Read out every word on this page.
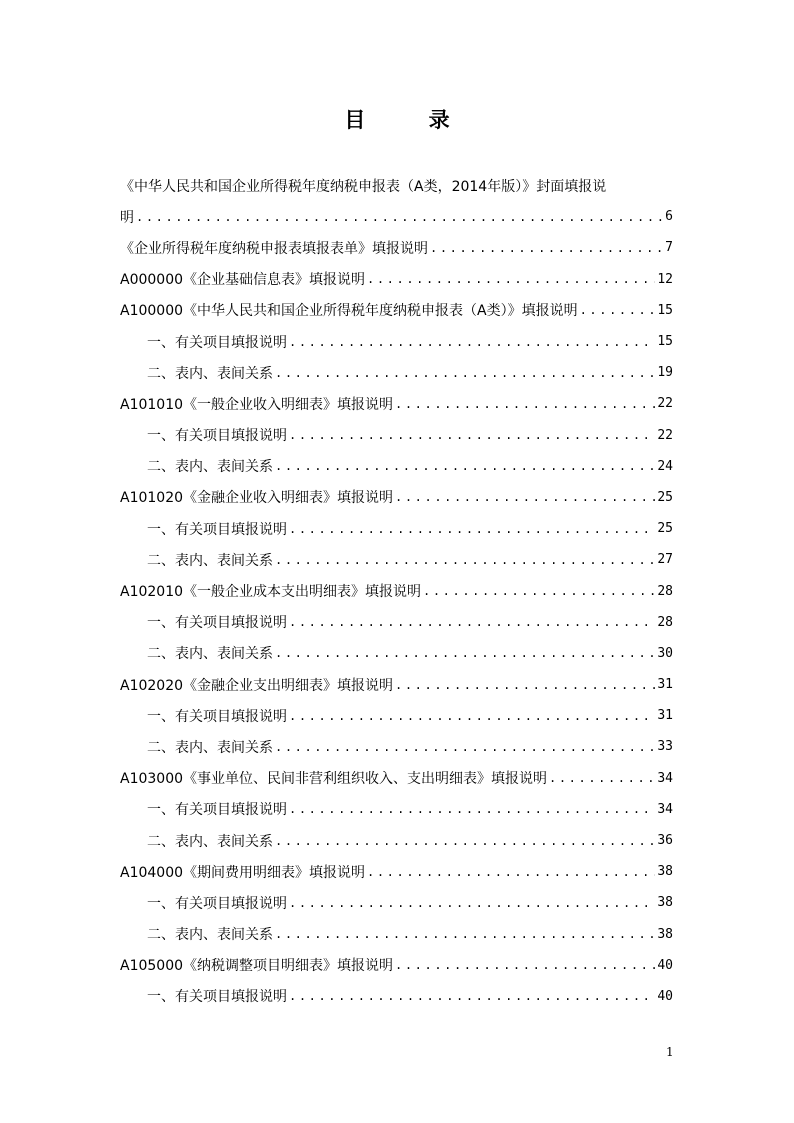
目 录
《中华人民共和国企业所得税年度纳税申报表（A类，2014年版）》封面填报说
明 .....	6
《企业所得税年度纳税申报表填报表单》填报说明 .....	7
A000000《企业基础信息表》填报说明 .....	12
A100000《中华人民共和国企业所得税年度纳税申报表（A类）》填报说明 .....	15
一、有关项目填报说明 .....	15
二、表内、表间关系 .....	19
A101010《一般企业收入明细表》填报说明 .....	22
一、有关项目填报说明 .....	22
二、表内、表间关系 .....	24
A101020《金融企业收入明细表》填报说明 .....	25
一、有关项目填报说明 .....	25
二、表内、表间关系 .....	27
A102010《一般企业成本支出明细表》填报说明 .....	28
一、有关项目填报说明 .....	28
二、表内、表间关系 .....	30
A102020《金融企业支出明细表》填报说明 .....	31
一、有关项目填报说明 .....	31
二、表内、表间关系 .....	33
A103000《事业单位、民间非营利组织收入、支出明细表》填报说明 .....	34
一、有关项目填报说明 .....	34
二、表内、表间关系 .....	36
A104000《期间费用明细表》填报说明 .....	38
一、有关项目填报说明 .....	38
二、表内、表间关系 .....	38
A105000《纳税调整项目明细表》填报说明 .....	40
一、有关项目填报说明 .....	40
1
